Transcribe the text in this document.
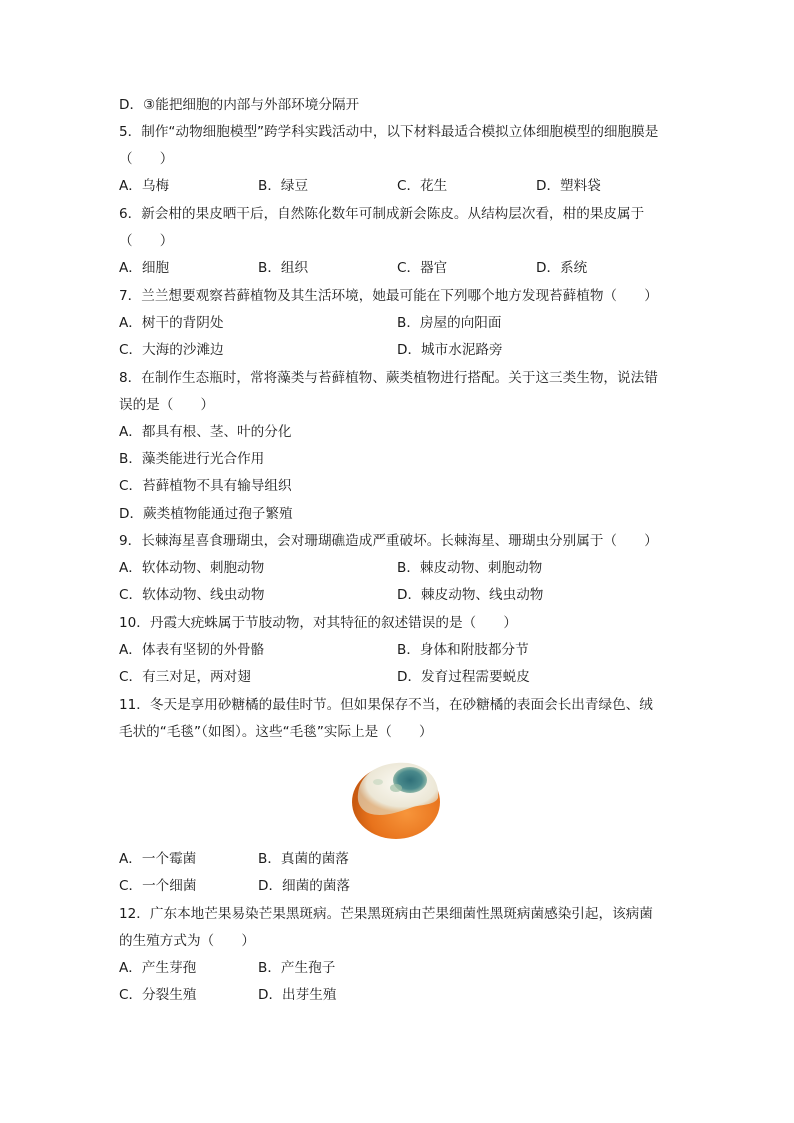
D．③能把细胞的内部与外部环境分隔开
5．制作“动物细胞模型”跨学科实践活动中，以下材料最适合模拟立体细胞模型的细胞膜是
（　　）
A．乌梅	B．绿豆	C．花生	D．塑料袋
6．新会柑的果皮晒干后，自然陈化数年可制成新会陈皮。从结构层次看，柑的果皮属于
（　　）
A．细胞	B．组织	C．器官	D．系统
7．兰兰想要观察苔藓植物及其生活环境，她最可能在下列哪个地方发现苔藓植物（　　）
A．树干的背阴处	B．房屋的向阳面
C．大海的沙滩边	D．城市水泥路旁
8．在制作生态瓶时，常将藻类与苔藓植物、蕨类植物进行搭配。关于这三类生物，说法错
误的是（　　）
A．都具有根、茎、叶的分化
B．藻类能进行光合作用
C．苔藓植物不具有输导组织
D．蕨类植物能通过孢子繁殖
9．长棘海星喜食珊瑚虫，会对珊瑚礁造成严重破坏。长棘海星、珊瑚虫分别属于（　　）
A．软体动物、刺胞动物	B．棘皮动物、刺胞动物
C．软体动物、线虫动物	D．棘皮动物、线虫动物
10．丹霞大疣蛛属于节肢动物，对其特征的叙述错误的是（　　）
A．体表有坚韧的外骨骼	B．身体和附肢都分节
C．有三对足，两对翅	D．发育过程需要蜕皮
11．冬天是享用砂糖橘的最佳时节。但如果保存不当，在砂糖橘的表面会长出青绿色、绒
毛状的“毛毯”（如图）。这些“毛毯”实际上是（　　）
A．一个霉菌	B．真菌的菌落
C．一个细菌	D．细菌的菌落
12．广东本地芒果易染芒果黑斑病。芒果黑斑病由芒果细菌性黑斑病菌感染引起，该病菌
的生殖方式为（　　）
A．产生芽孢	B．产生孢子
C．分裂生殖	D．出芽生殖
